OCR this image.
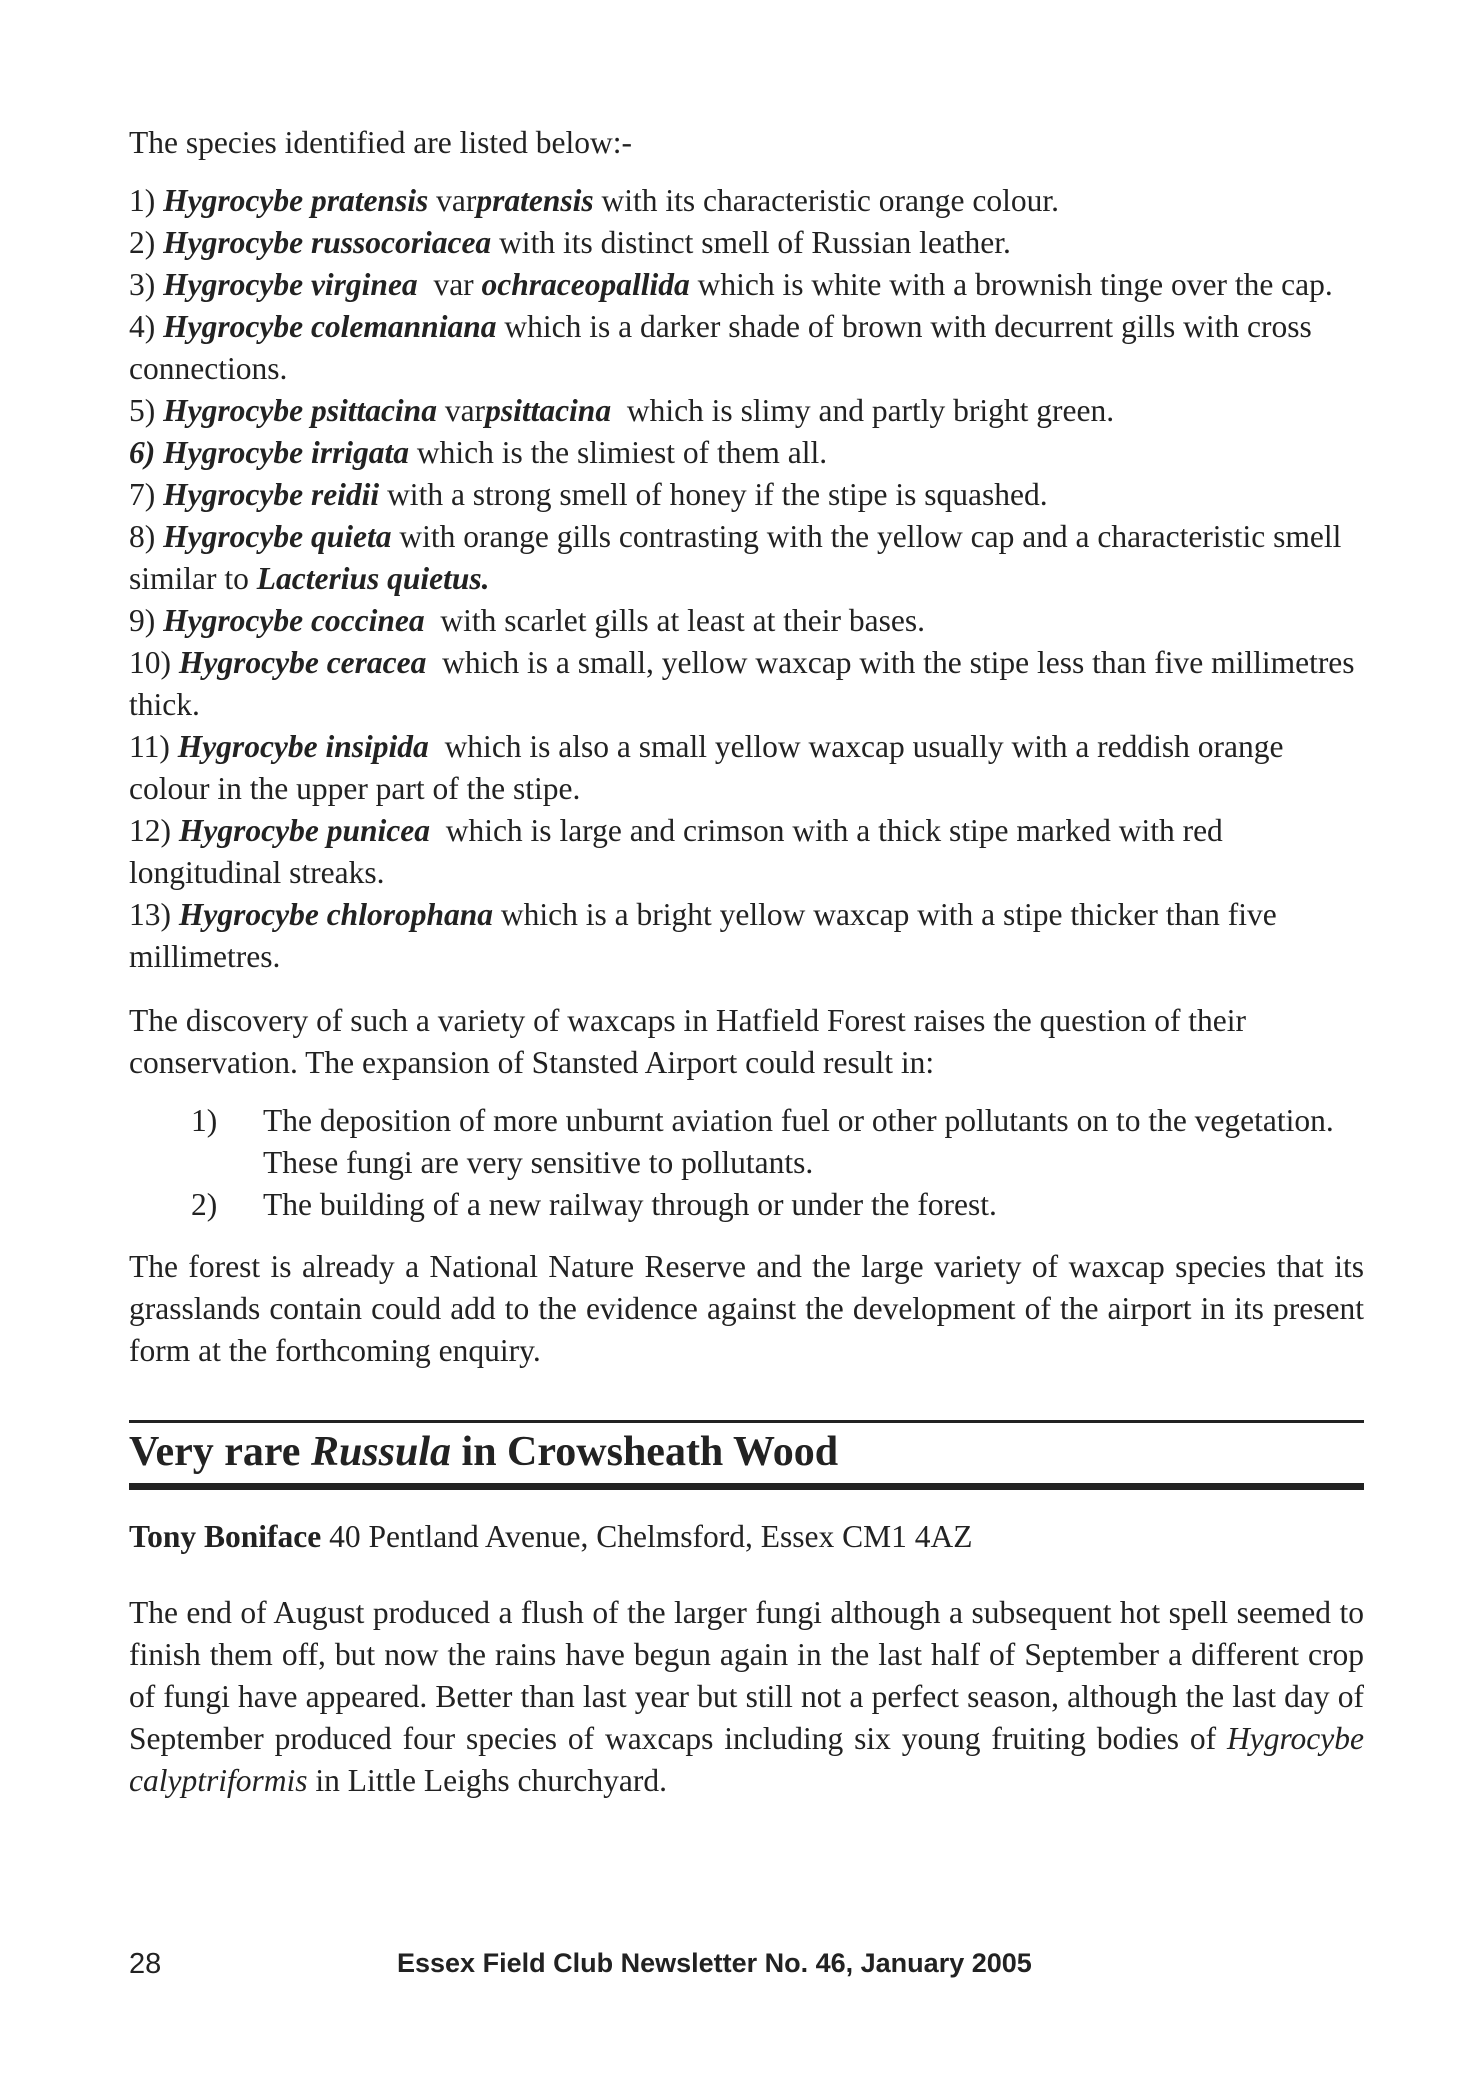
The species identified are listed below:-

1) Hygrocybe pratensis varpratensis with its characteristic orange colour.
2) Hygrocybe russocoriacea with its distinct smell of Russian leather.
3) Hygrocybe virginea var ochraceopallida which is white with a brownish tinge over the cap.
4) Hygrocybe colemanniana which is a darker shade of brown with decurrent gills with cross connections.
5) Hygrocybe psittacina varpsittacina which is slimy and partly bright green.
6) Hygrocybe irrigata which is the slimiest of them all.
7) Hygrocybe reidii with a strong smell of honey if the stipe is squashed.
8) Hygrocybe quieta with orange gills contrasting with the yellow cap and a characteristic smell similar to Lacterius quietus.
9) Hygrocybe coccinea with scarlet gills at least at their bases.
10) Hygrocybe ceracea which is a small, yellow waxcap with the stipe less than five millimetres thick.
11) Hygrocybe insipida which is also a small yellow waxcap usually with a reddish orange colour in the upper part of the stipe.
12) Hygrocybe punicea which is large and crimson with a thick stipe marked with red longitudinal streaks.
13) Hygrocybe chlorophana which is a bright yellow waxcap with a stipe thicker than five millimetres.

The discovery of such a variety of waxcaps in Hatfield Forest raises the question of their conservation. The expansion of Stansted Airport could result in:

1)	The deposition of more unburnt aviation fuel or other pollutants on to the vegetation. These fungi are very sensitive to pollutants.
2)	The building of a new railway through or under the forest.

The forest is already a National Nature Reserve and the large variety of waxcap species that its grasslands contain could add to the evidence against the development of the airport in its present form at the forthcoming enquiry.

Very rare Russula in Crowsheath Wood

Tony Boniface 40 Pentland Avenue, Chelmsford, Essex CM1 4AZ

The end of August produced a flush of the larger fungi although a subsequent hot spell seemed to finish them off, but now the rains have begun again in the last half of September a different crop of fungi have appeared. Better than last year but still not a perfect season, although the last day of September produced four species of waxcaps including six young fruiting bodies of Hygrocybe calyptriformis in Little Leighs churchyard.

28	Essex Field Club Newsletter No. 46, January 2005
